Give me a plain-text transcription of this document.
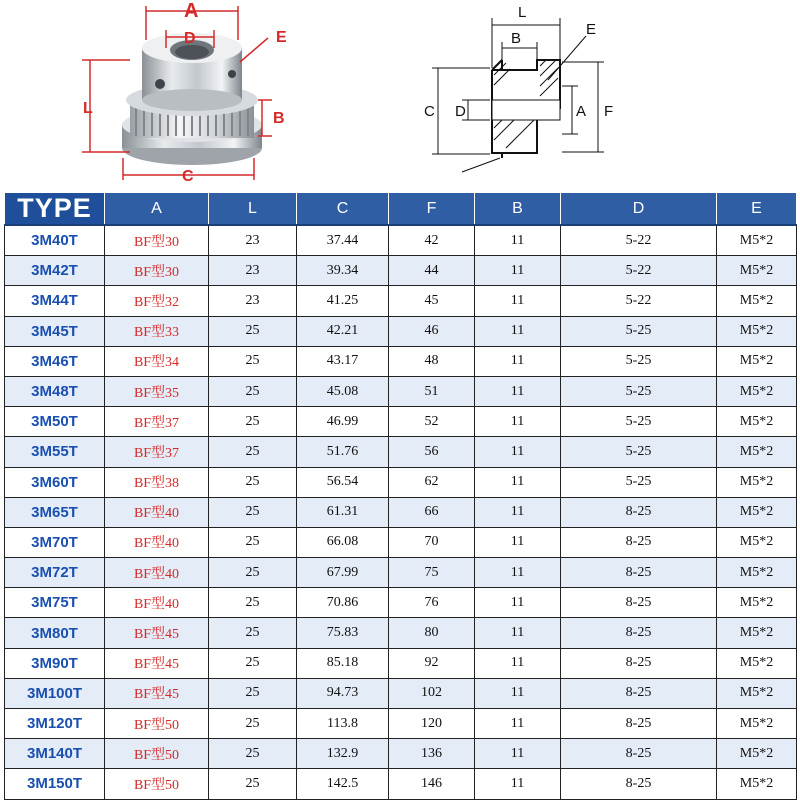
A
D	E
L
B
C
L
B
E
C D	A F
TYPE	A	L	C	F	B	D	E
3M40T	BF型30	23	37.44	42	11	5-22	M5*2
3M42T	BF型30	23	39.34	44	11	5-22	M5*2
3M44T	BF型32	23	41.25	45	11	5-22	M5*2
3M45T	BF型33	25	42.21	46	11	5-25	M5*2
3M46T	BF型34	25	43.17	48	11	5-25	M5*2
3M48T	BF型35	25	45.08	51	11	5-25	M5*2
3M50T	BF型37	25	46.99	52	11	5-25	M5*2
3M55T	BF型37	25	51.76	56	11	5-25	M5*2
3M60T	BF型38	25	56.54	62	11	5-25	M5*2
3M65T	BF型40	25	61.31	66	11	8-25	M5*2
3M70T	BF型40	25	66.08	70	11	8-25	M5*2
3M72T	BF型40	25	67.99	75	11	8-25	M5*2
3M75T	BF型40	25	70.86	76	11	8-25	M5*2
3M80T	BF型45	25	75.83	80	11	8-25	M5*2
3M90T	BF型45	25	85.18	92	11	8-25	M5*2
3M100T	BF型45	25	94.73	102	11	8-25	M5*2
3M120T	BF型50	25	113.8	120	11	8-25	M5*2
3M140T	BF型50	25	132.9	136	11	8-25	M5*2
3M150T	BF型50	25	142.5	146	11	8-25	M5*2
